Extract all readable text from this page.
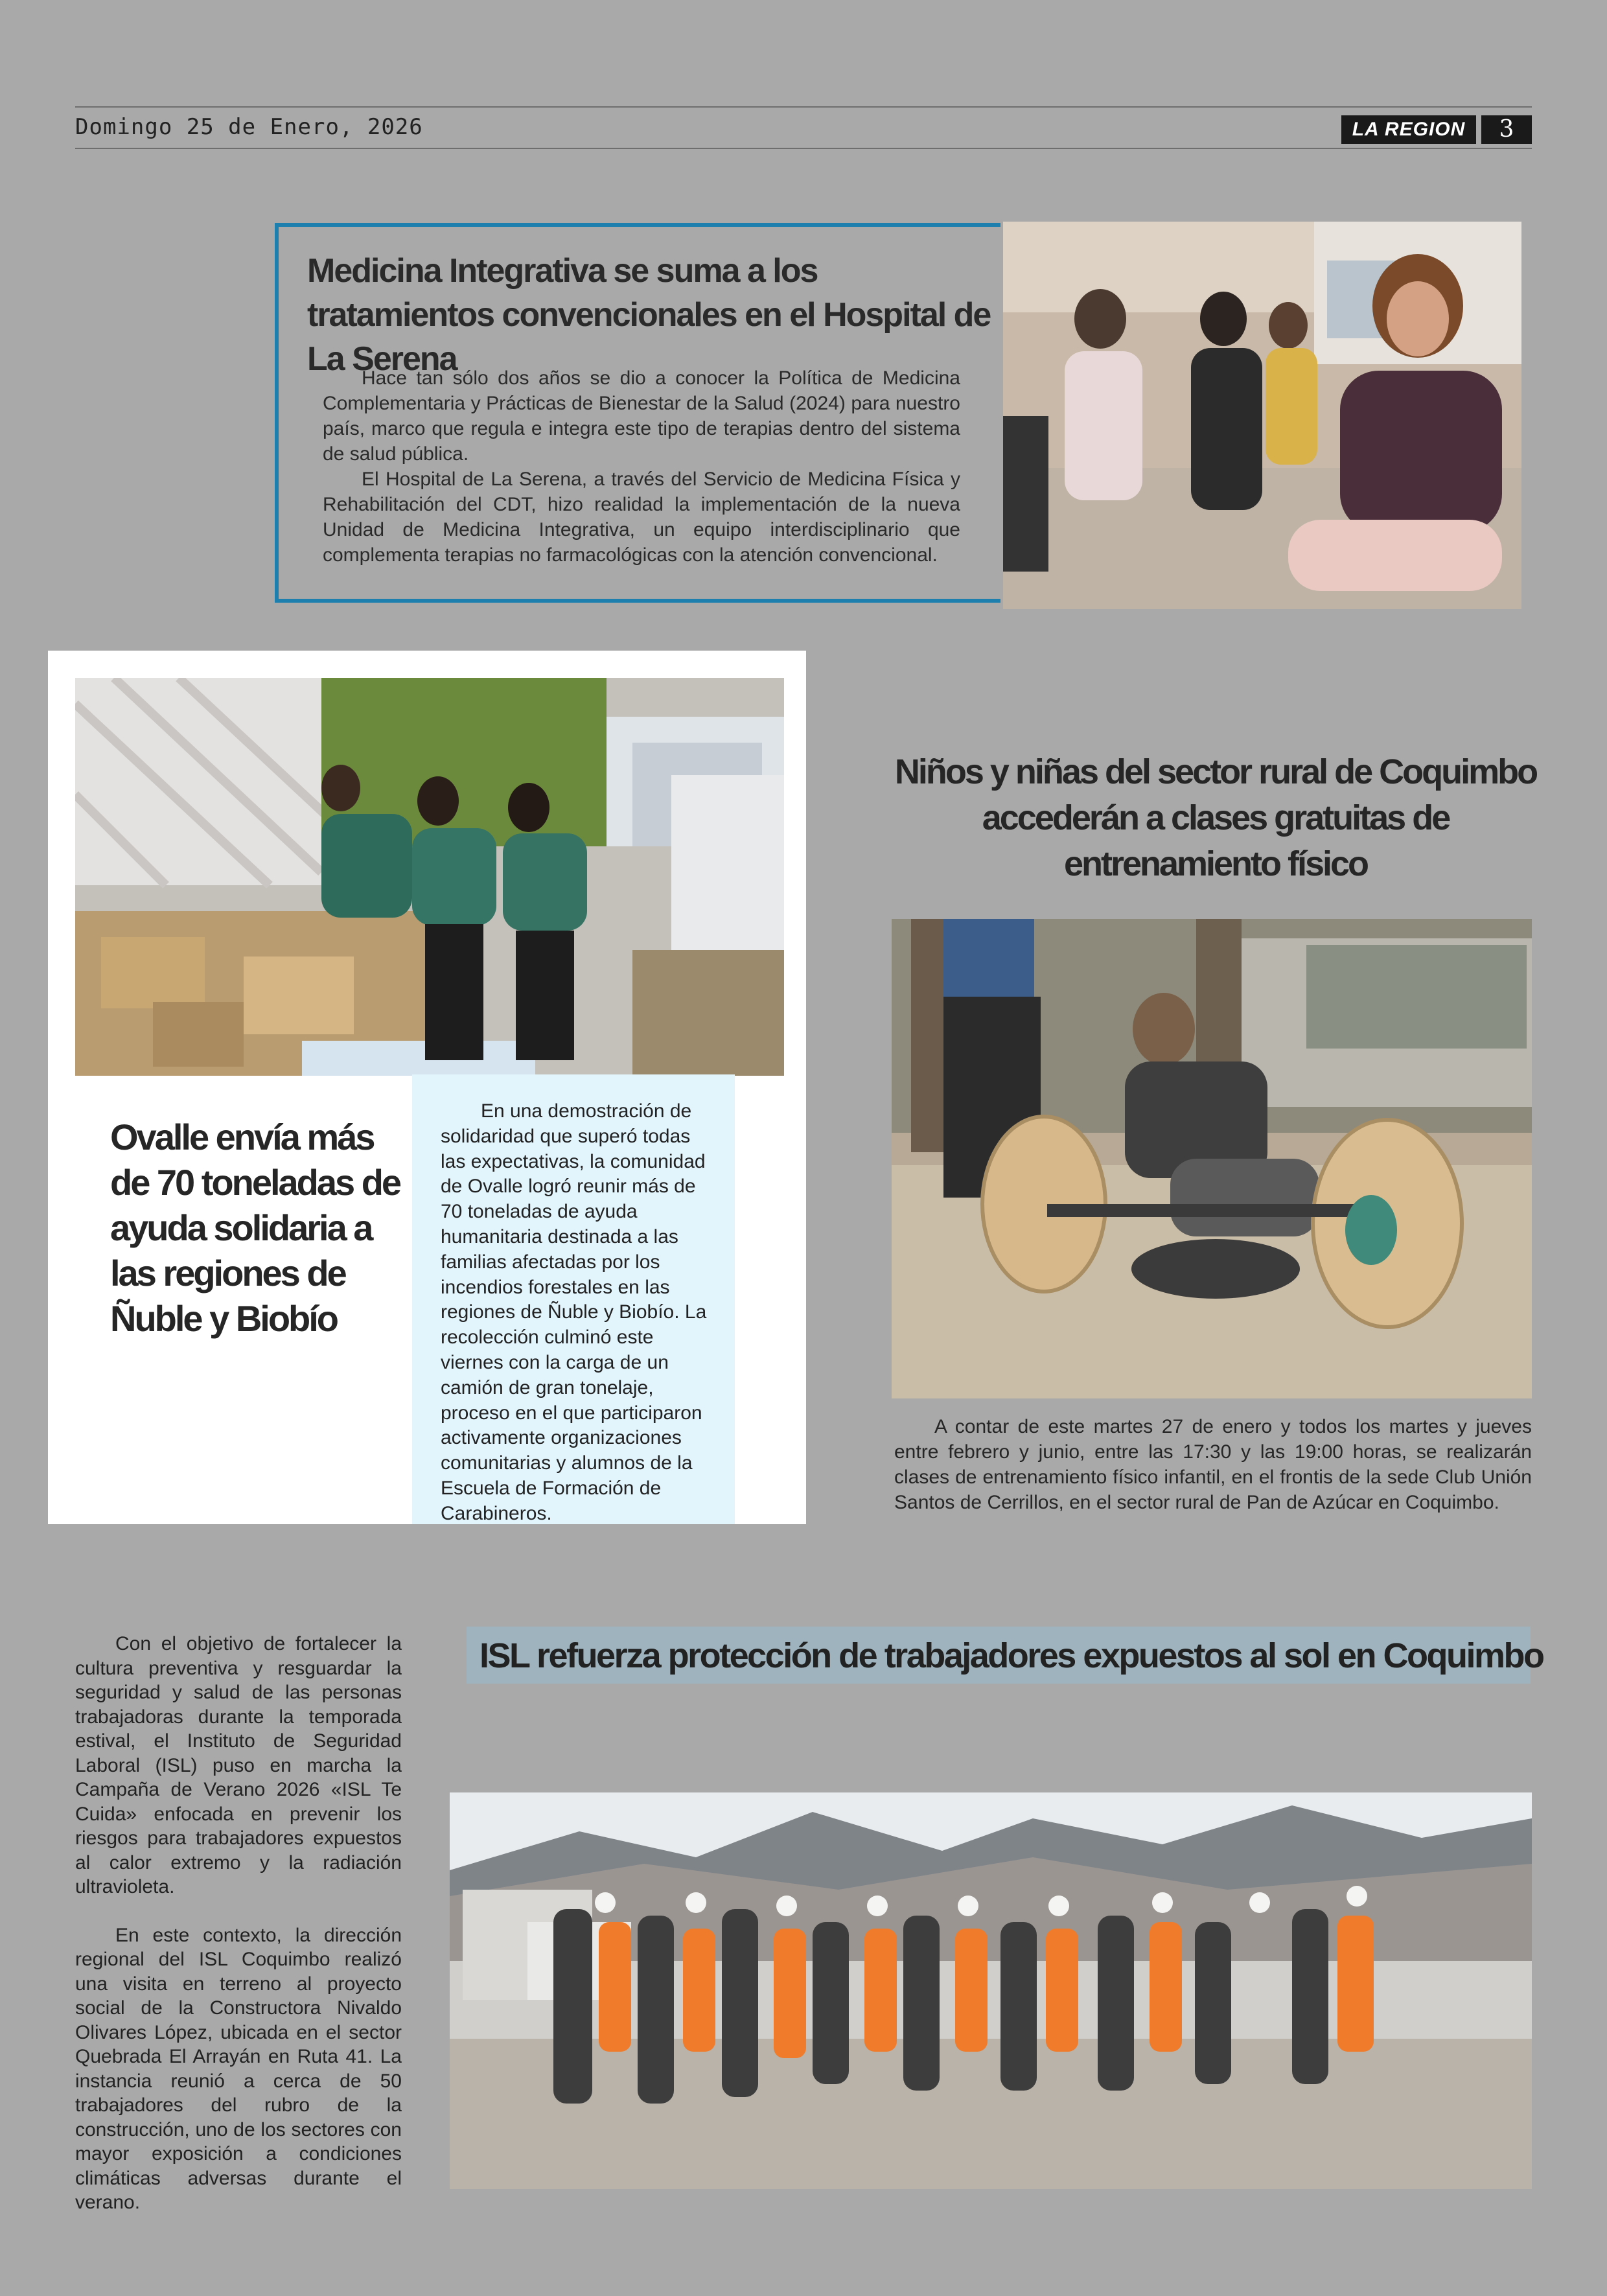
Domingo 25 de Enero, 2026	LA REGION	3
Medicina Integrativa se suma a los tratamientos convencionales en el Hospital de La Serena

Hace tan sólo dos años se dio a conocer la Política de Medicina Complementaria y Prácticas de Bienestar de la Salud (2024) para nuestro país, marco que regula e integra este tipo de terapias dentro del sistema de salud pública.

El Hospital de La Serena, a través del Servicio de Medicina Física y Rehabilitación del CDT, hizo realidad la implementación de la nueva Unidad de Medicina Integrativa, un equipo interdisciplinario que complementa terapias no farmacológicas con la atención convencional.

Ovalle envía más de 70 toneladas de ayuda solidaria a las regiones de Ñuble y Biobío

En una demostración de solidaridad que superó todas las expectativas, la comunidad de Ovalle logró reunir más de 70 toneladas de ayuda humanitaria destinada a las familias afectadas por los incendios forestales en las regiones de Ñuble y Biobío. La recolección culminó este viernes con la carga de un camión de gran tonelaje, proceso en el que participaron activamente organizaciones comunitarias y alumnos de la Escuela de Formación de Carabineros.

Niños y niñas del sector rural de Coquimbo accederán a clases gratuitas de entrenamiento físico

A contar de este martes 27 de enero y todos los martes y jueves entre febrero y junio, entre las 17:30 y las 19:00 horas, se realizarán clases de entrenamiento físico infantil, en el frontis de la sede Club Unión Santos de Cerrillos, en el sector rural de Pan de Azúcar en Coquimbo.

ISL refuerza protección de trabajadores expuestos al sol en Coquimbo

Con el objetivo de fortalecer la cultura preventiva y resguardar la seguridad y salud de las personas trabajadoras durante la temporada estival, el Instituto de Seguridad Laboral (ISL) puso en marcha la Campaña de Verano 2026 «ISL Te Cuida» enfocada en prevenir los riesgos para trabajadores expuestos al calor extremo y la radiación ultravioleta.

En este contexto, la dirección regional del ISL Coquimbo realizó una visita en terreno al proyecto social de la Constructora Nivaldo Olivares López, ubicada en el sector Quebrada El Arrayán en Ruta 41. La instancia reunió a cerca de 50 trabajadores del rubro de la construcción, uno de los sectores con mayor exposición a condiciones climáticas adversas durante el verano.
